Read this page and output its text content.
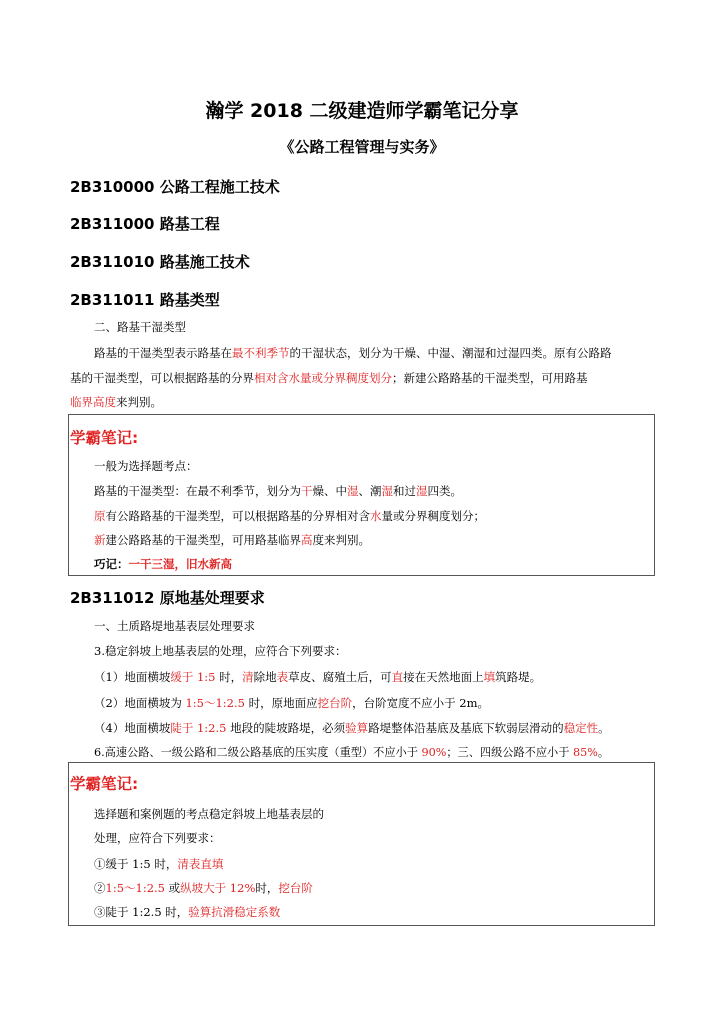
瀚学 2018 二级建造师学霸笔记分享
《公路工程管理与实务》
2B310000 公路工程施工技术
2B311000 路基工程
2B311010 路基施工技术
2B311011 路基类型
二、路基干湿类型
路基的干湿类型表示路基在最不利季节的干湿状态，划分为干燥、中湿、潮湿和过湿四类。原有公路路
基的干湿类型，可以根据路基的分界相对含水量或分界稠度划分；新建公路路基的干湿类型，可用路基
临界高度来判别。
学霸笔记:
一般为选择题考点：
路基的干湿类型：在最不利季节，划分为干燥、中湿、潮湿和过湿四类。
原有公路路基的干湿类型，可以根据路基的分界相对含水量或分界稠度划分；
新建公路路基的干湿类型，可用路基临界高度来判别。
巧记：一干三湿，旧水新高
2B311012 原地基处理要求
一、土质路堤地基表层处理要求
3.稳定斜坡上地基表层的处理，应符合下列要求：
（1）地面横坡缓于 1:5 时，清除地表草皮、腐殖土后，可直接在天然地面上填筑路堤。
（2）地面横坡为 1:5～1:2.5 时，原地面应挖台阶，台阶宽度不应小于 2m。
（4）地面横坡陡于 1:2.5 地段的陡坡路堤，必须验算路堤整体沿基底及基底下软弱层滑动的稳定性。
6.高速公路、一级公路和二级公路基底的压实度（重型）不应小于 90%；三、四级公路不应小于 85%。
学霸笔记:
选择题和案例题的考点稳定斜坡上地基表层的
处理，应符合下列要求：
①缓于 1:5 时，清表直填
②1:5～1:2.5 或纵坡大于 12%时，挖台阶
③陡于 1:2.5 时，验算抗滑稳定系数
